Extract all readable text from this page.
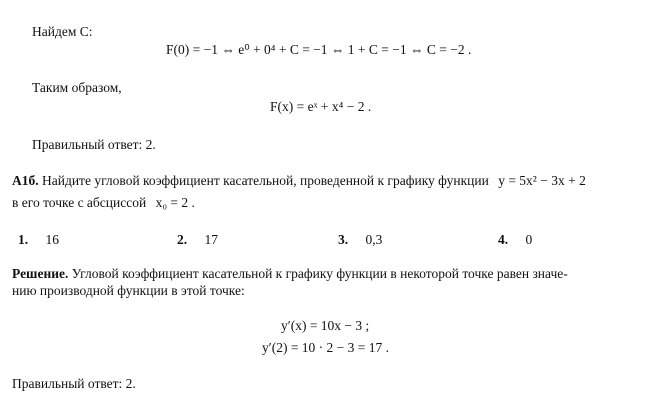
Найдем C:
F(0) = −1 ⇔ e⁰ + 0⁴ + C = −1 ⇔ 1 + C = −1 ⇔ C = −2 .
Таким образом,
F(x) = eˣ + x⁴ − 2 .
Правильный ответ: 2.
А1б. Найдите угловой коэффициент касательной, проведенной к графику функции y = 5x² − 3x + 2
в его точке с абсциссой x₀ = 2 .
1. 16	2. 17	3. 0,3	4. 0
Решение. Угловой коэффициент касательной к графику функции в некоторой точке равен значе-
нию производной функции в этой точке:
y′(x) = 10x − 3 ;
y′(2) = 10 · 2 − 3 = 17 .
Правильный ответ: 2.
